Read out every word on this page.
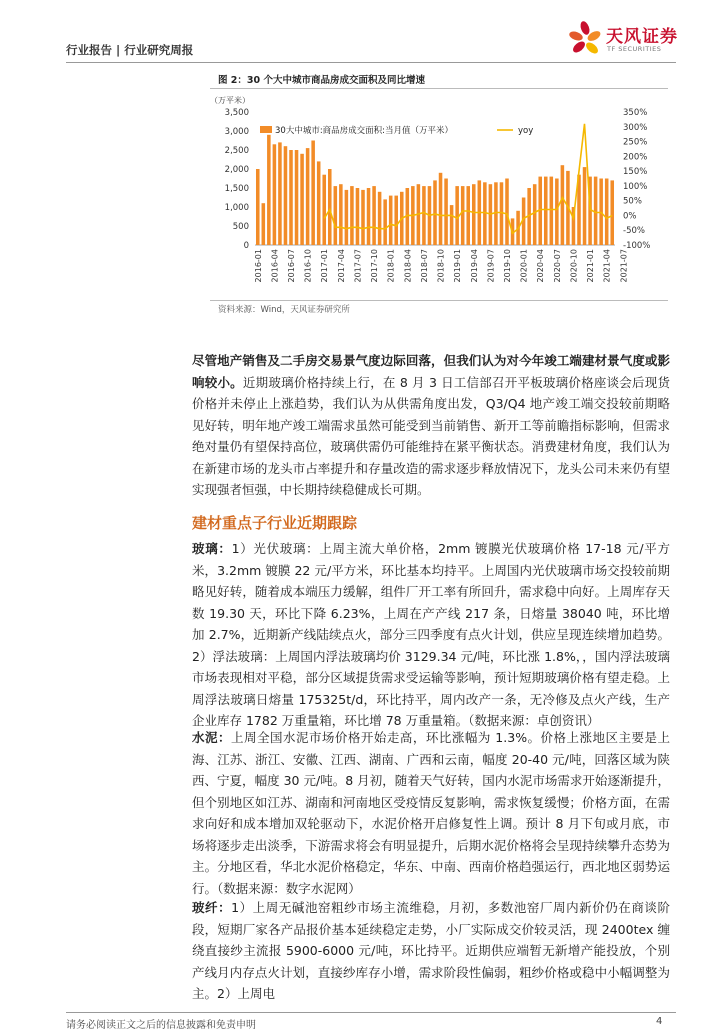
行业报告 | 行业研究周报
天风证券
TF SECURITIES
图 2：30 个大中城市商品房成交面积及同比增速
（万平米）
3,500
3,000
2,500
2,000
1,500
1,000
500
0
350%
300%
250%
200%
150%
100%
50%
0%
-50%
-100%
2016-01 2016-04 2016-07 2016-10 2017-01 2017-04 2017-07 2017-10 2018-01 2018-04 2018-07 2018-10 2019-01 2019-04 2019-07 2019-10 2020-01 2020-04 2020-07 2020-10 2021-01 2021-04 2021-07
30大中城市:商品房成交面积:当月值（万平米）	yoy
资料来源：Wind，天风证券研究所

尽管地产销售及二手房交易景气度边际回落，但我们认为对今年竣工端建材景气度或影响较小。近期玻璃价格持续上行，在 8 月 3 日工信部召开平板玻璃价格座谈会后现货价格并未停止上涨趋势，我们认为从供需角度出发，Q3/Q4 地产竣工端交投较前期略见好转，明年地产竣工端需求虽然可能受到当前销售、新开工等前瞻指标影响，但需求绝对量仍有望保持高位，玻璃供需仍可能维持在紧平衡状态。消费建材角度，我们认为在新建市场的龙头市占率提升和存量改造的需求逐步释放情况下，龙头公司未来仍有望实现强者恒强，中长期持续稳健成长可期。

建材重点子行业近期跟踪

玻璃：1）光伏玻璃：上周主流大单价格，2mm 镀膜光伏玻璃价格 17-18 元/平方米，3.2mm 镀膜 22 元/平方米，环比基本均持平。上周国内光伏玻璃市场交投较前期略见好转，随着成本端压力缓解，组件厂开工率有所回升，需求稳中向好。上周库存天数 19.30 天，环比下降 6.23%，上周在产产线 217 条，日熔量 38040 吨，环比增加 2.7%，近期新产线陆续点火，部分三四季度有点火计划，供应呈现连续增加趋势。2）浮法玻璃：上周国内浮法玻璃均价 3129.34 元/吨，环比涨 1.8%，，国内浮法玻璃市场表现相对平稳，部分区域提货需求受运输等影响，预计短期玻璃价格有望走稳。上周浮法玻璃日熔量 175325t/d，环比持平，周内改产一条，无冷修及点火产线，生产企业库存 1782 万重量箱，环比增 78 万重量箱。（数据来源：卓创资讯）

水泥：上周全国水泥市场价格开始走高，环比涨幅为 1.3%。价格上涨地区主要是上海、江苏、浙江、安徽、江西、湖南、广西和云南，幅度 20-40 元/吨，回落区域为陕西、宁夏，幅度 30 元/吨。8 月初，随着天气好转，国内水泥市场需求开始逐渐提升，但个别地区如江苏、湖南和河南地区受疫情反复影响，需求恢复缓慢；价格方面，在需求向好和成本增加双轮驱动下，水泥价格开启修复性上调。预计 8 月下旬或月底，市场将逐步走出淡季，下游需求将会有明显提升，后期水泥价格将会呈现持续攀升态势为主。分地区看，华北水泥价格稳定，华东、中南、西南价格趋强运行，西北地区弱势运行。（数据来源：数字水泥网）

玻纤：1）上周无碱池窑粗纱市场主流维稳，月初，多数池窑厂周内新价仍在商谈阶段，短期厂家各产品报价基本延续稳定走势，小厂实际成交价较灵活，现 2400tex 缠绕直接纱主流报 5900-6000 元/吨，环比持平。近期供应端暂无新增产能投放，个别产线月内存点火计划，直接纱库存小增，需求阶段性偏弱，粗纱价格或稳中小幅调整为主。2）上周电

请务必阅读正文之后的信息披露和免责申明	4
